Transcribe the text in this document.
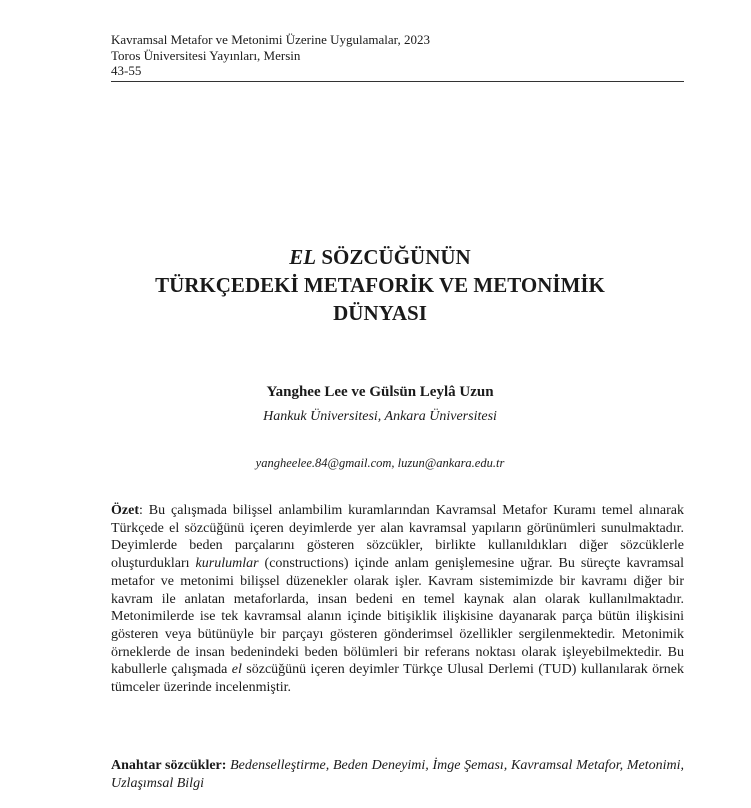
Kavramsal Metafor ve Metonimi Üzerine Uygulamalar, 2023
Toros Üniversitesi Yayınları, Mersin
43-55
EL SÖZCÜĞÜNÜN
TÜRKÇEDEKİ METAFORİK VE METONİMİK
DÜNYASI
Yanghee Lee ve Gülsün Leylâ Uzun
Hankuk Üniversitesi, Ankara Üniversitesi
yangheelee.84@gmail.com, luzun@ankara.edu.tr
Özet: Bu çalışmada bilişsel anlambilim kuramlarından Kavramsal Metafor Kuramı temel alınarak Türkçede el sözcüğünü içeren deyimlerde yer alan kavramsal yapıların görünümleri sunulmaktadır. Deyimlerde beden parçalarını gösteren sözcükler, birlikte kullanıldıkları diğer sözcüklerle oluşturdukları kurulumlar (constructions) içinde anlam genişlemesine uğrar. Bu süreçte kavramsal metafor ve metonimi bilişsel düzenekler olarak işler. Kavram sistemimizde bir kavramı diğer bir kavram ile anlatan metaforlarda, insan bedeni en temel kaynak alan olarak kullanılmaktadır. Metonimilerde ise tek kavramsal alanın içinde bitişiklik ilişkisine dayanarak parça bütün ilişkisini gösteren veya bütünüyle bir parçayı gösteren gönderimsel özellikler sergilenmektedir. Metonimik örneklerde de insan bedenindeki beden bölümleri bir referans noktası olarak işleyebilmektedir. Bu kabullerle çalışmada el sözcüğünü içeren deyimler Türkçe Ulusal Derlemi (TUD) kullanılarak örnek tümceler üzerinde incelenmiştir.
Anahtar sözcükler: Bedenselleştirme, Beden Deneyimi, İmge Şeması, Kavramsal Metafor, Metonimi, Uzlaşımsal Bilgi
